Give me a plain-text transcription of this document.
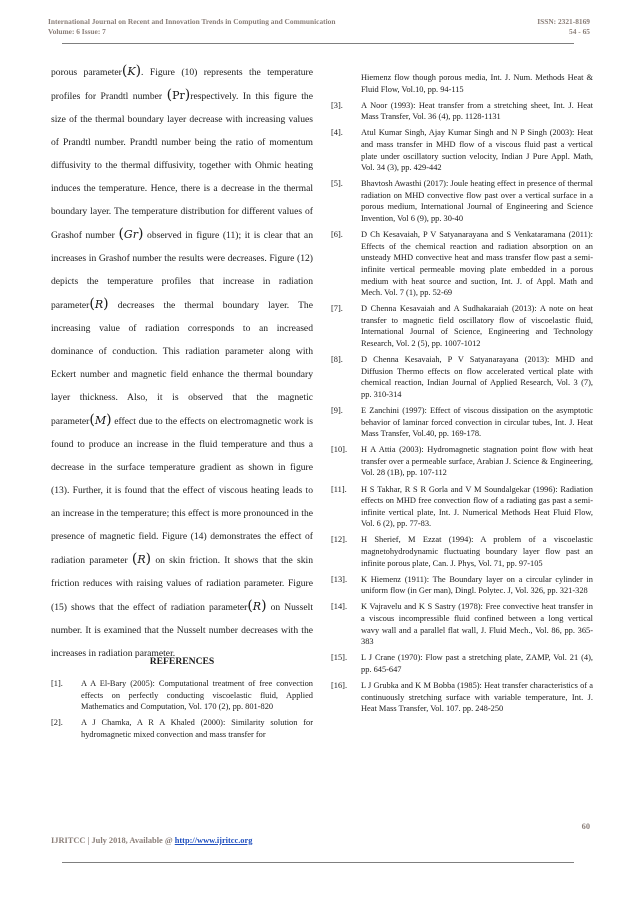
International Journal on Recent and Innovation Trends in Computing and Communication	ISSN: 2321-8169
Volume: 6 Issue: 7	54 - 65

porous parameter(K). Figure (10) represents the temperature profiles for Prandtl number (Pr)respectively. In this figure the size of the thermal boundary layer decrease with increasing values of Prandtl number. Prandtl number being the ratio of momentum diffusivity to the thermal diffusivity, together with Ohmic heating induces the temperature. Hence, there is a decrease in the thermal boundary layer. The temperature distribution for different values of Grashof number (Gr) observed in figure (11); it is clear that an increases in Grashof number the results were decreases. Figure (12) depicts the temperature profiles that increase in radiation parameter(R) decreases the thermal boundary layer. The increasing value of radiation corresponds to an increased dominance of conduction. This radiation parameter along with Eckert number and magnetic field enhance the thermal boundary layer thickness. Also, it is observed that the magnetic parameter(M) effect due to the effects on electromagnetic work is found to produce an increase in the fluid temperature and thus a decrease in the surface temperature gradient as shown in figure (13). Further, it is found that the effect of viscous heating leads to an increase in the temperature; this effect is more pronounced in the presence of magnetic field. Figure (14) demonstrates the effect of radiation parameter (R) on skin friction. It shows that the skin friction reduces with raising values of radiation parameter. Figure (15) shows that the effect of radiation parameter(R) on Nusselt number. It is examined that the Nusselt number decreases with the increases in radiation parameter.

REFERENCES
[1].	A A El-Bary (2005): Computational treatment of free convection effects on perfectly conducting viscoelastic fluid, Applied Mathematics and Computation, Vol. 170 (2), pp. 801-820
[2].	A J Chamka, A R A Khaled (2000): Similarity solution for hydromagnetic mixed convection and mass transfer for
Hiemenz flow though porous media, Int. J. Num. Methods Heat & Fluid Flow, Vol.10, pp. 94-115
[3].	A Noor (1993): Heat transfer from a stretching sheet, Int. J. Heat Mass Transfer, Vol. 36 (4), pp. 1128-1131
[4].	Atul Kumar Singh, Ajay Kumar Singh and N P Singh (2003): Heat and mass transfer in MHD flow of a viscous fluid past a vertical plate under oscillatory suction velocity, Indian J Pure Appl. Math, Vol. 34 (3), pp. 429-442
[5].	Bhavtosh Awasthi (2017): Joule heating effect in presence of thermal radiation on MHD convective flow past over a vertical surface in a porous medium, International Journal of Engineering and Science Invention, Vol 6 (9), pp. 30-40
[6].	D Ch Kesavaiah, P V Satyanarayana and S Venkataramana (2011): Effects of the chemical reaction and radiation absorption on an unsteady MHD convective heat and mass transfer flow past a semi-infinite vertical permeable moving plate embedded in a porous medium with heat source and suction, Int. J. of Appl. Math and Mech. Vol. 7 (1), pp. 52-69
[7].	D Chenna Kesavaiah and A Sudhakaraiah (2013): A note on heat transfer to magnetic field oscillatory flow of viscoelastic fluid, International Journal of Science, Engineering and Technology Research, Vol. 2 (5), pp. 1007-1012
[8].	D Chenna Kesavaiah, P V Satyanarayana (2013): MHD and Diffusion Thermo effects on flow accelerated vertical plate with chemical reaction, Indian Journal of Applied Research, Vol. 3 (7), pp. 310-314
[9].	E Zanchini (1997): Effect of viscous dissipation on the asymptotic behavior of laminar forced convection in circular tubes, Int. J. Heat Mass Transfer, Vol.40, pp. 169-178.
[10].	H A Attia (2003): Hydromagnetic stagnation point flow with heat transfer over a permeable surface, Arabian J. Science & Engineering, Vol. 28 (1B), pp. 107-112
[11].	H S Takhar, R S R Gorla and V M Soundalgekar (1996): Radiation effects on MHD free convection flow of a radiating gas past a semi-infinite vertical plate, Int. J. Numerical Methods Heat Fluid Flow, Vol. 6 (2), pp. 77-83.
[12].	H Sherief, M Ezzat (1994): A problem of a viscoelastic magnetohydrodynamic fluctuating boundary layer flow past an infinite porous plate, Can. J. Phys, Vol. 71, pp. 97-105
[13].	K Hiemenz (1911): The Boundary layer on a circular cylinder in uniform flow (in Ger man), Dingl. Polytec. J, Vol. 326, pp. 321-328
[14].	K Vajravelu and K S Sastry (1978): Free convective heat transfer in a viscous incompressible fluid confined between a long vertical wavy wall and a parallel flat wall, J. Fluid Mech., Vol. 86, pp. 365-383
[15].	L J Crane (1970): Flow past a stretching plate, ZAMP, Vol. 21 (4), pp. 645-647
[16].	L J Grubka and K M Bobba (1985): Heat transfer characteristics of a continuously stretching surface with variable temperature, Int. J. Heat Mass Transfer, Vol. 107. pp. 248-250
60
IJRITCC | July 2018, Available @ http://www.ijritcc.org
